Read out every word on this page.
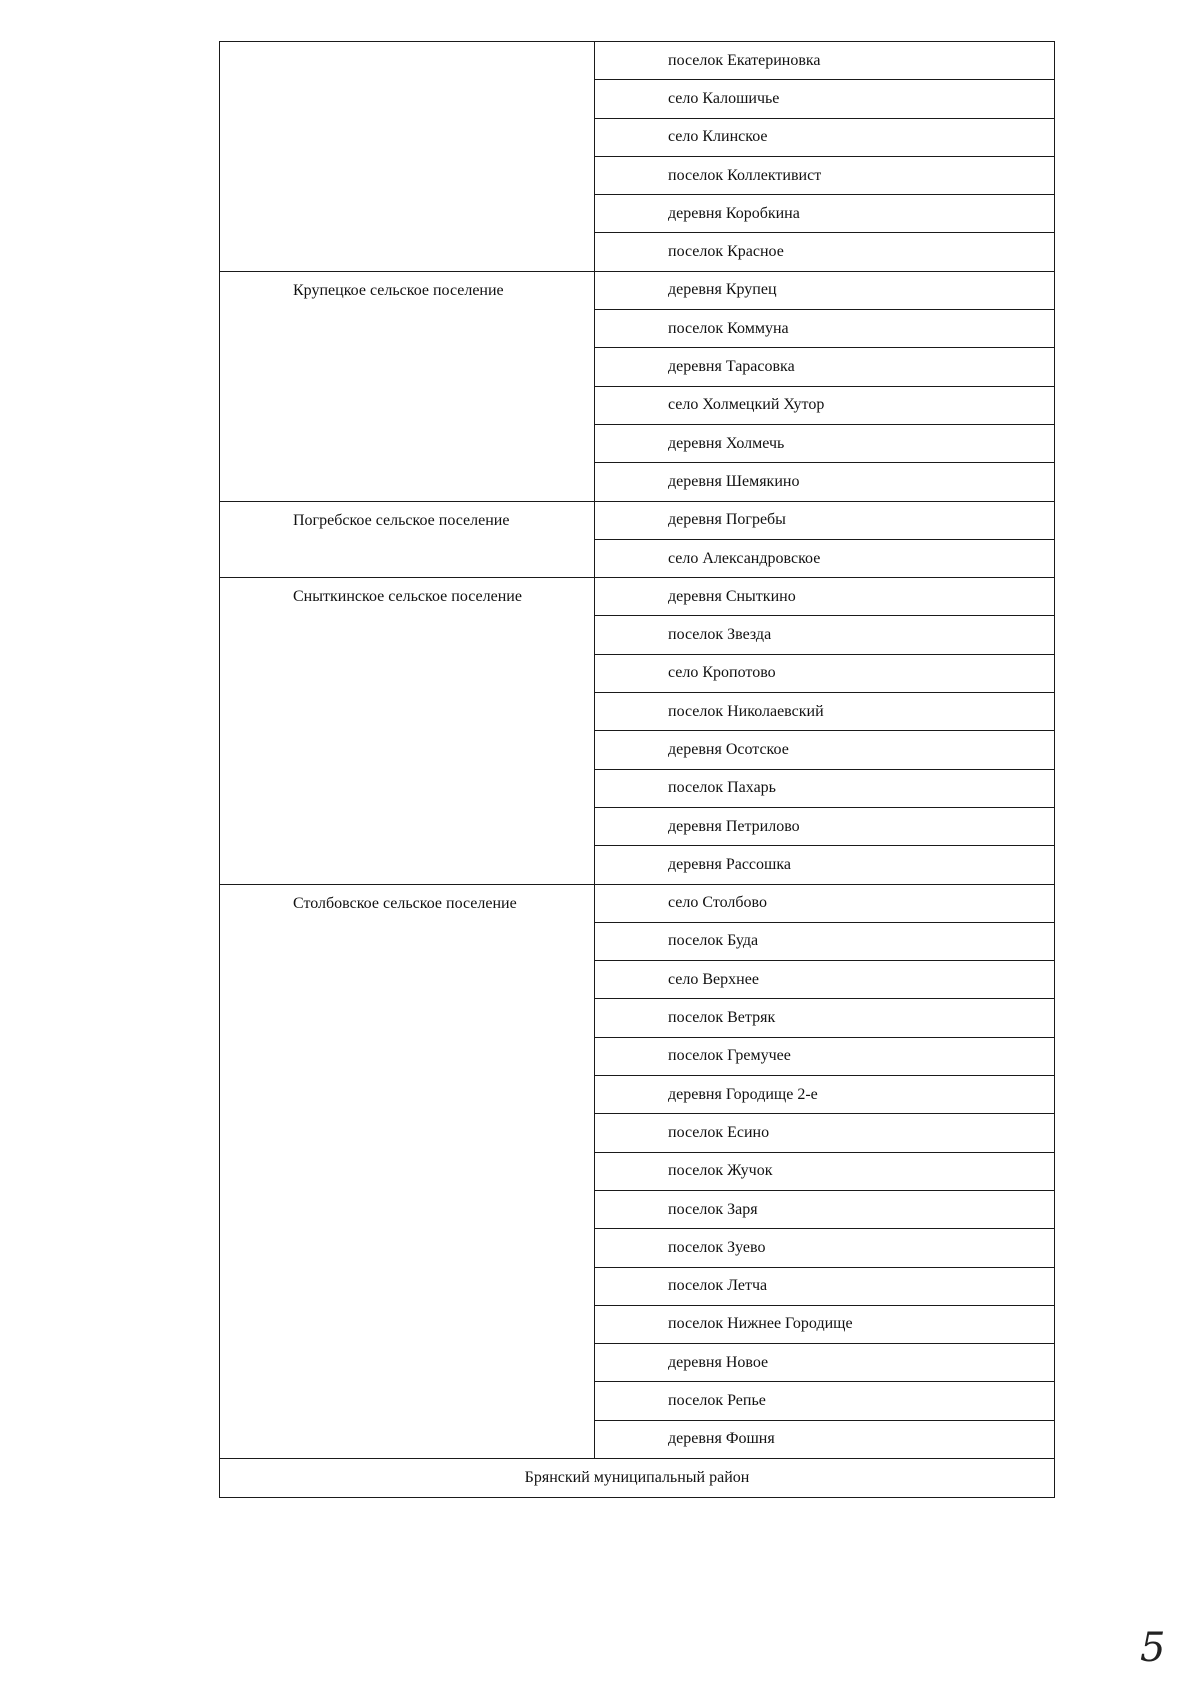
	поселок Екатериновка
	село Калошичье
	село Клинское
	поселок Коллективист
	деревня Коробкина
	поселок Красное

Крупецкое сельское поселение	деревня Крупец
	поселок Коммуна
	деревня Тарасовка
	село Холмецкий Хутор
	деревня Холмечь
	деревня Шемякино

Погребское сельское поселение	деревня Погребы
	село Александровское

Сныткинское сельское поселение	деревня Сныткино
	поселок Звезда
	село Кропотово
	поселок Николаевский
	деревня Осотское
	поселок Пахарь
	деревня Петрилово
	деревня Рассошка

Столбовское сельское поселение	село Столбово
	поселок Буда
	село Верхнее
	поселок Ветряк
	поселок Гремучее
	деревня Городище 2-е
	поселок Есино
	поселок Жучок
	поселок Заря
	поселок Зуево
	поселок Летча
	поселок Нижнее Городище
	деревня Новое
	поселок Репье
	деревня Фошня
Брянский муниципальный район	
5
